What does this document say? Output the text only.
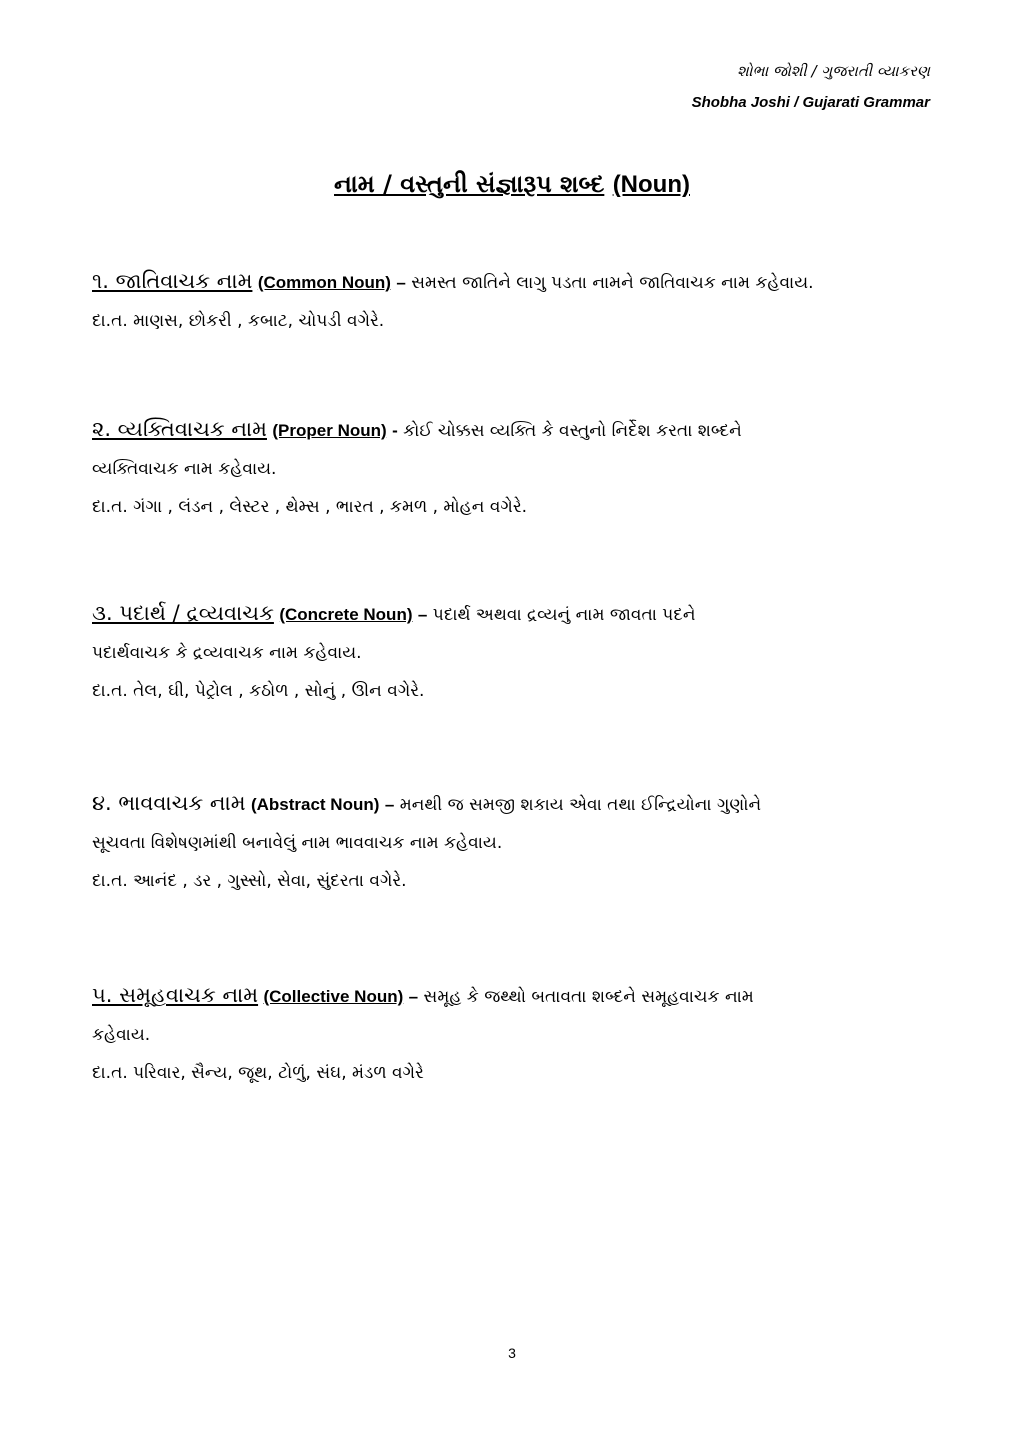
શોભા જોશી / ગુજરાતી વ્યાકરણ
Shobha Joshi / Gujarati Grammar
નામ / વસ્તુની સંજ્ઞારૂપ શબ્દ (Noun)
૧. જાતિવાચક નામ (Common Noun) – સમસ્ત જાતિને લાગુ પડતા નામને જાતિવાચક નામ કહેવાય.
દા.ત. માણસ, છોકરી , કબાટ, ચોપડી વગેરે.
૨. વ્યક્તિવાચક નામ (Proper Noun) - કોઈ ચોક્કસ વ્યક્તિ કે વસ્તુનો નિર્દેશ કરતા શબ્દને
વ્યક્તિવાચક નામ કહેવાય.
દા.ત. ગંગા , લંડન , લેસ્ટર , થેમ્સ , ભારત , કમળ , મોહન વગેરે.
૩. પદાર્થ / દ્રવ્યવાચક (Concrete Noun) – પદાર્થ અથવા દ્રવ્યનું નામ જાવતા પદને
પદાર્થવાચક કે દ્રવ્યવાચક નામ કહેવાય.
દા.ત. તેલ, ઘી, પેટ્રોલ , કઠોળ , સોનું , ઊન વગેરે.
૪. ભાવવાચક નામ (Abstract Noun) – મનથી જ સમજી શકાય એવા તથા ઈન્દ્રિયોના ગુણોને
સૂચવતા વિશેષણમાંથી બનાવેલું નામ ભાવવાચક નામ કહેવાય.
દા.ત. આનંદ , ડર , ગુસ્સો, સેવા, સુંદરતા વગેરે.
૫. સમૂહવાચક નામ (Collective Noun) – સમૂહ કે જથ્થો બતાવતા શબ્દને સમૂહવાચક નામ
કહેવાય.
દા.ત. પરિવાર, સૈન્ય, જૂથ, ટોળું, સંઘ, મંડળ વગેરે
3
